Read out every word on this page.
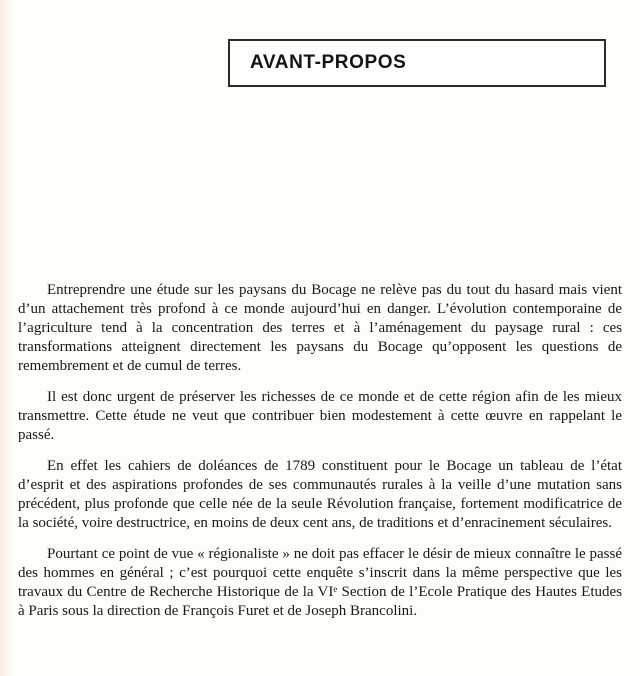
AVANT-PROPOS

Entreprendre une étude sur les paysans du Bocage ne relève pas du tout du hasard mais vient d’un attachement très profond à ce monde aujourd’hui en danger. L’évolution contemporaine de l’agriculture tend à la concentration des terres et à l’aménagement du paysage rural : ces transformations atteignent directement les paysans du Bocage qu’opposent les questions de remembrement et de cumul de terres.

Il est donc urgent de préserver les richesses de ce monde et de cette région afin de les mieux transmettre. Cette étude ne veut que contribuer bien modestement à cette œuvre en rappelant le passé.

En effet les cahiers de doléances de 1789 constituent pour le Bocage un tableau de l’état d’esprit et des aspirations profondes de ses communautés rurales à la veille d’une mutation sans précédent, plus profonde que celle née de la seule Révolution française, fortement modificatrice de la société, voire destructrice, en moins de deux cent ans, de traditions et d’enracinement séculaires.

Pourtant ce point de vue « régionaliste » ne doit pas effacer le désir de mieux connaître le passé des hommes en général ; c’est pourquoi cette enquête s’inscrit dans la même perspective que les travaux du Centre de Recherche Historique de la VIᵉ Section de l’Ecole Pratique des Hautes Etudes à Paris sous la direction de François Furet et de Joseph Brancolini.
